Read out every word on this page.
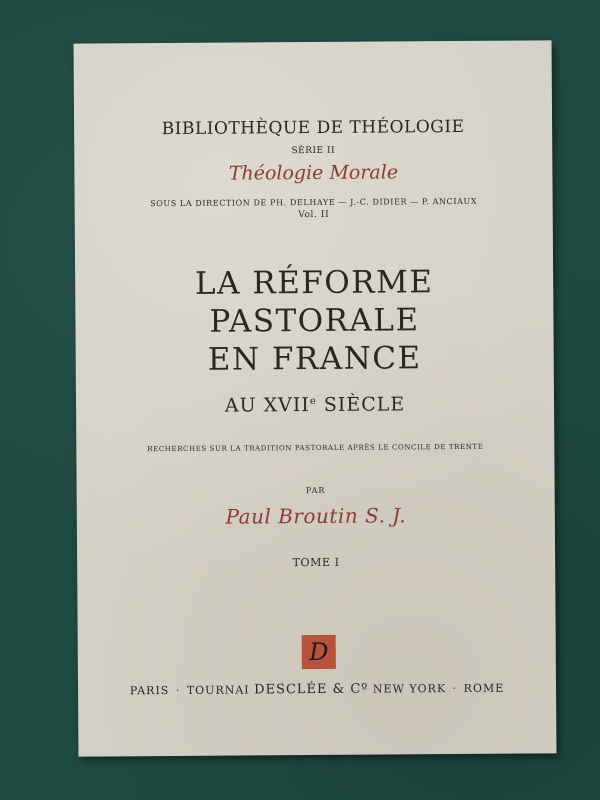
BIBLIOTHÈQUE DE THÉOLOGIE
SÉRIE II
Théologie Morale
SOUS LA DIRECTION DE PH. DELHAYE — J.-C. DIDIER — P. ANCIAUX
Vol. II
LA RÉFORME
PASTORALE
EN FRANCE
AU XVIIe SIÈCLE
RECHERCHES SUR LA TRADITION PASTORALE APRÈS LE CONCILE DE TRENTE
PAR
Paul Broutin S. J.
TOME I
D
PARIS · TOURNAI DESCLÉE & Cº NEW YORK · ROME
